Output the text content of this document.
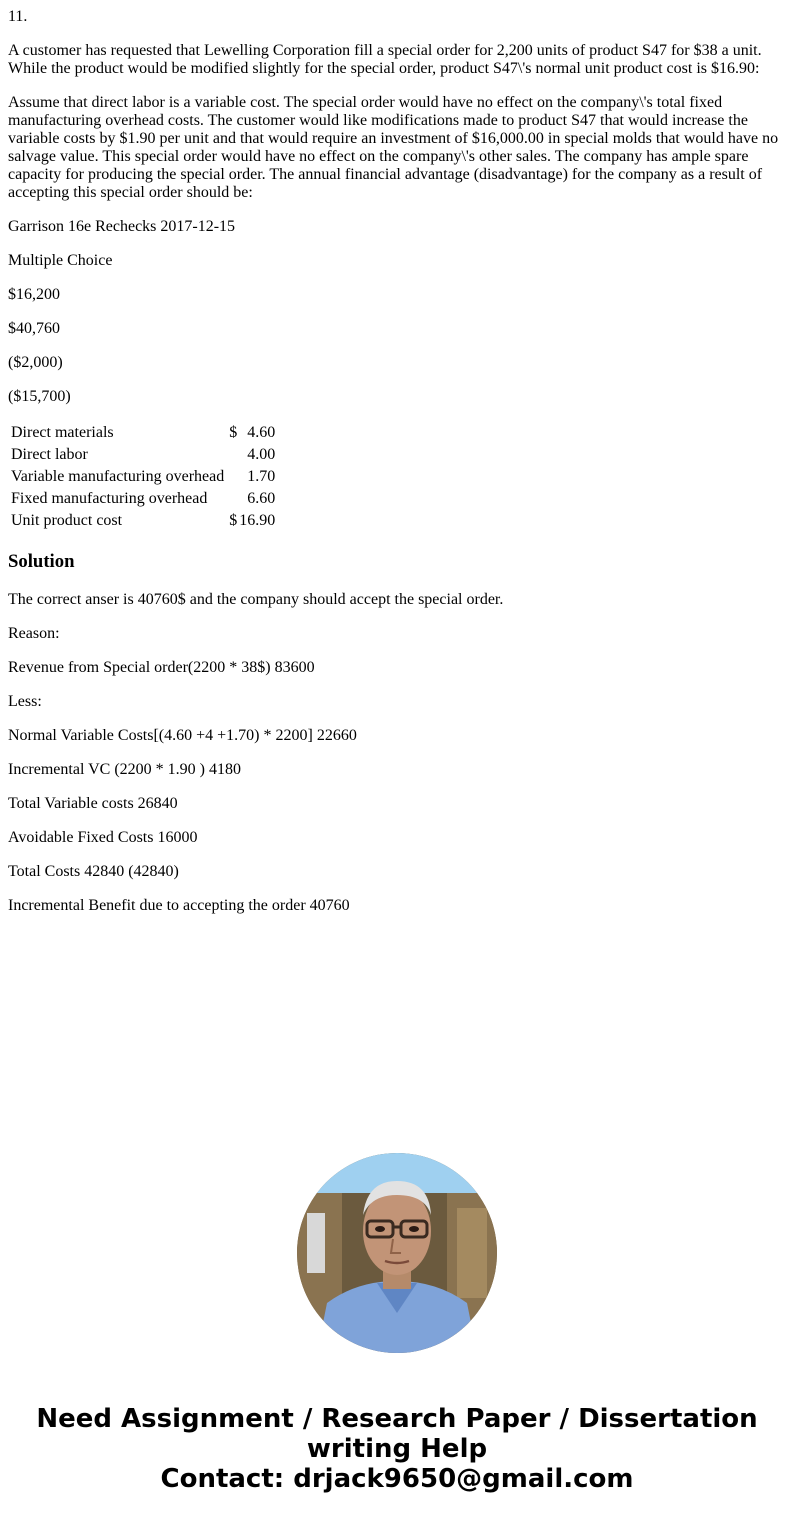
11.

A customer has requested that Lewelling Corporation fill a special order for 2,200 units of product S47 for $38 a unit. While the product would be modified slightly for the special order, product S47\'s normal unit product cost is $16.90:

Assume that direct labor is a variable cost. The special order would have no effect on the company\'s total fixed manufacturing overhead costs. The customer would like modifications made to product S47 that would increase the variable costs by $1.90 per unit and that would require an investment of $16,000.00 in special molds that would have no salvage value. This special order would have no effect on the company\'s other sales. The company has ample spare capacity for producing the special order. The annual financial advantage (disadvantage) for the company as a result of accepting this special order should be:

Garrison 16e Rechecks 2017-12-15

Multiple Choice

$16,200

$40,760

($2,000)

($15,700)

Direct materials	$	4.60
Direct labor		4.00
Variable manufacturing overhead		1.70
Fixed manufacturing overhead		6.60
Unit product cost	$	16.90
Solution

The correct anser is 40760$ and the company should accept the special order.

Reason:

Revenue from Special order(2200 * 38$) 83600

Less:

Normal Variable Costs[(4.60 +4 +1.70) * 2200] 22660

Incremental VC (2200 * 1.90 ) 4180

Total Variable costs 26840

Avoidable Fixed Costs 16000

Total Costs 42840 (42840)

Incremental Benefit due to accepting the order 40760

Need Assignment / Research Paper / Dissertation
writing Help
Contact: drjack9650@gmail.com
